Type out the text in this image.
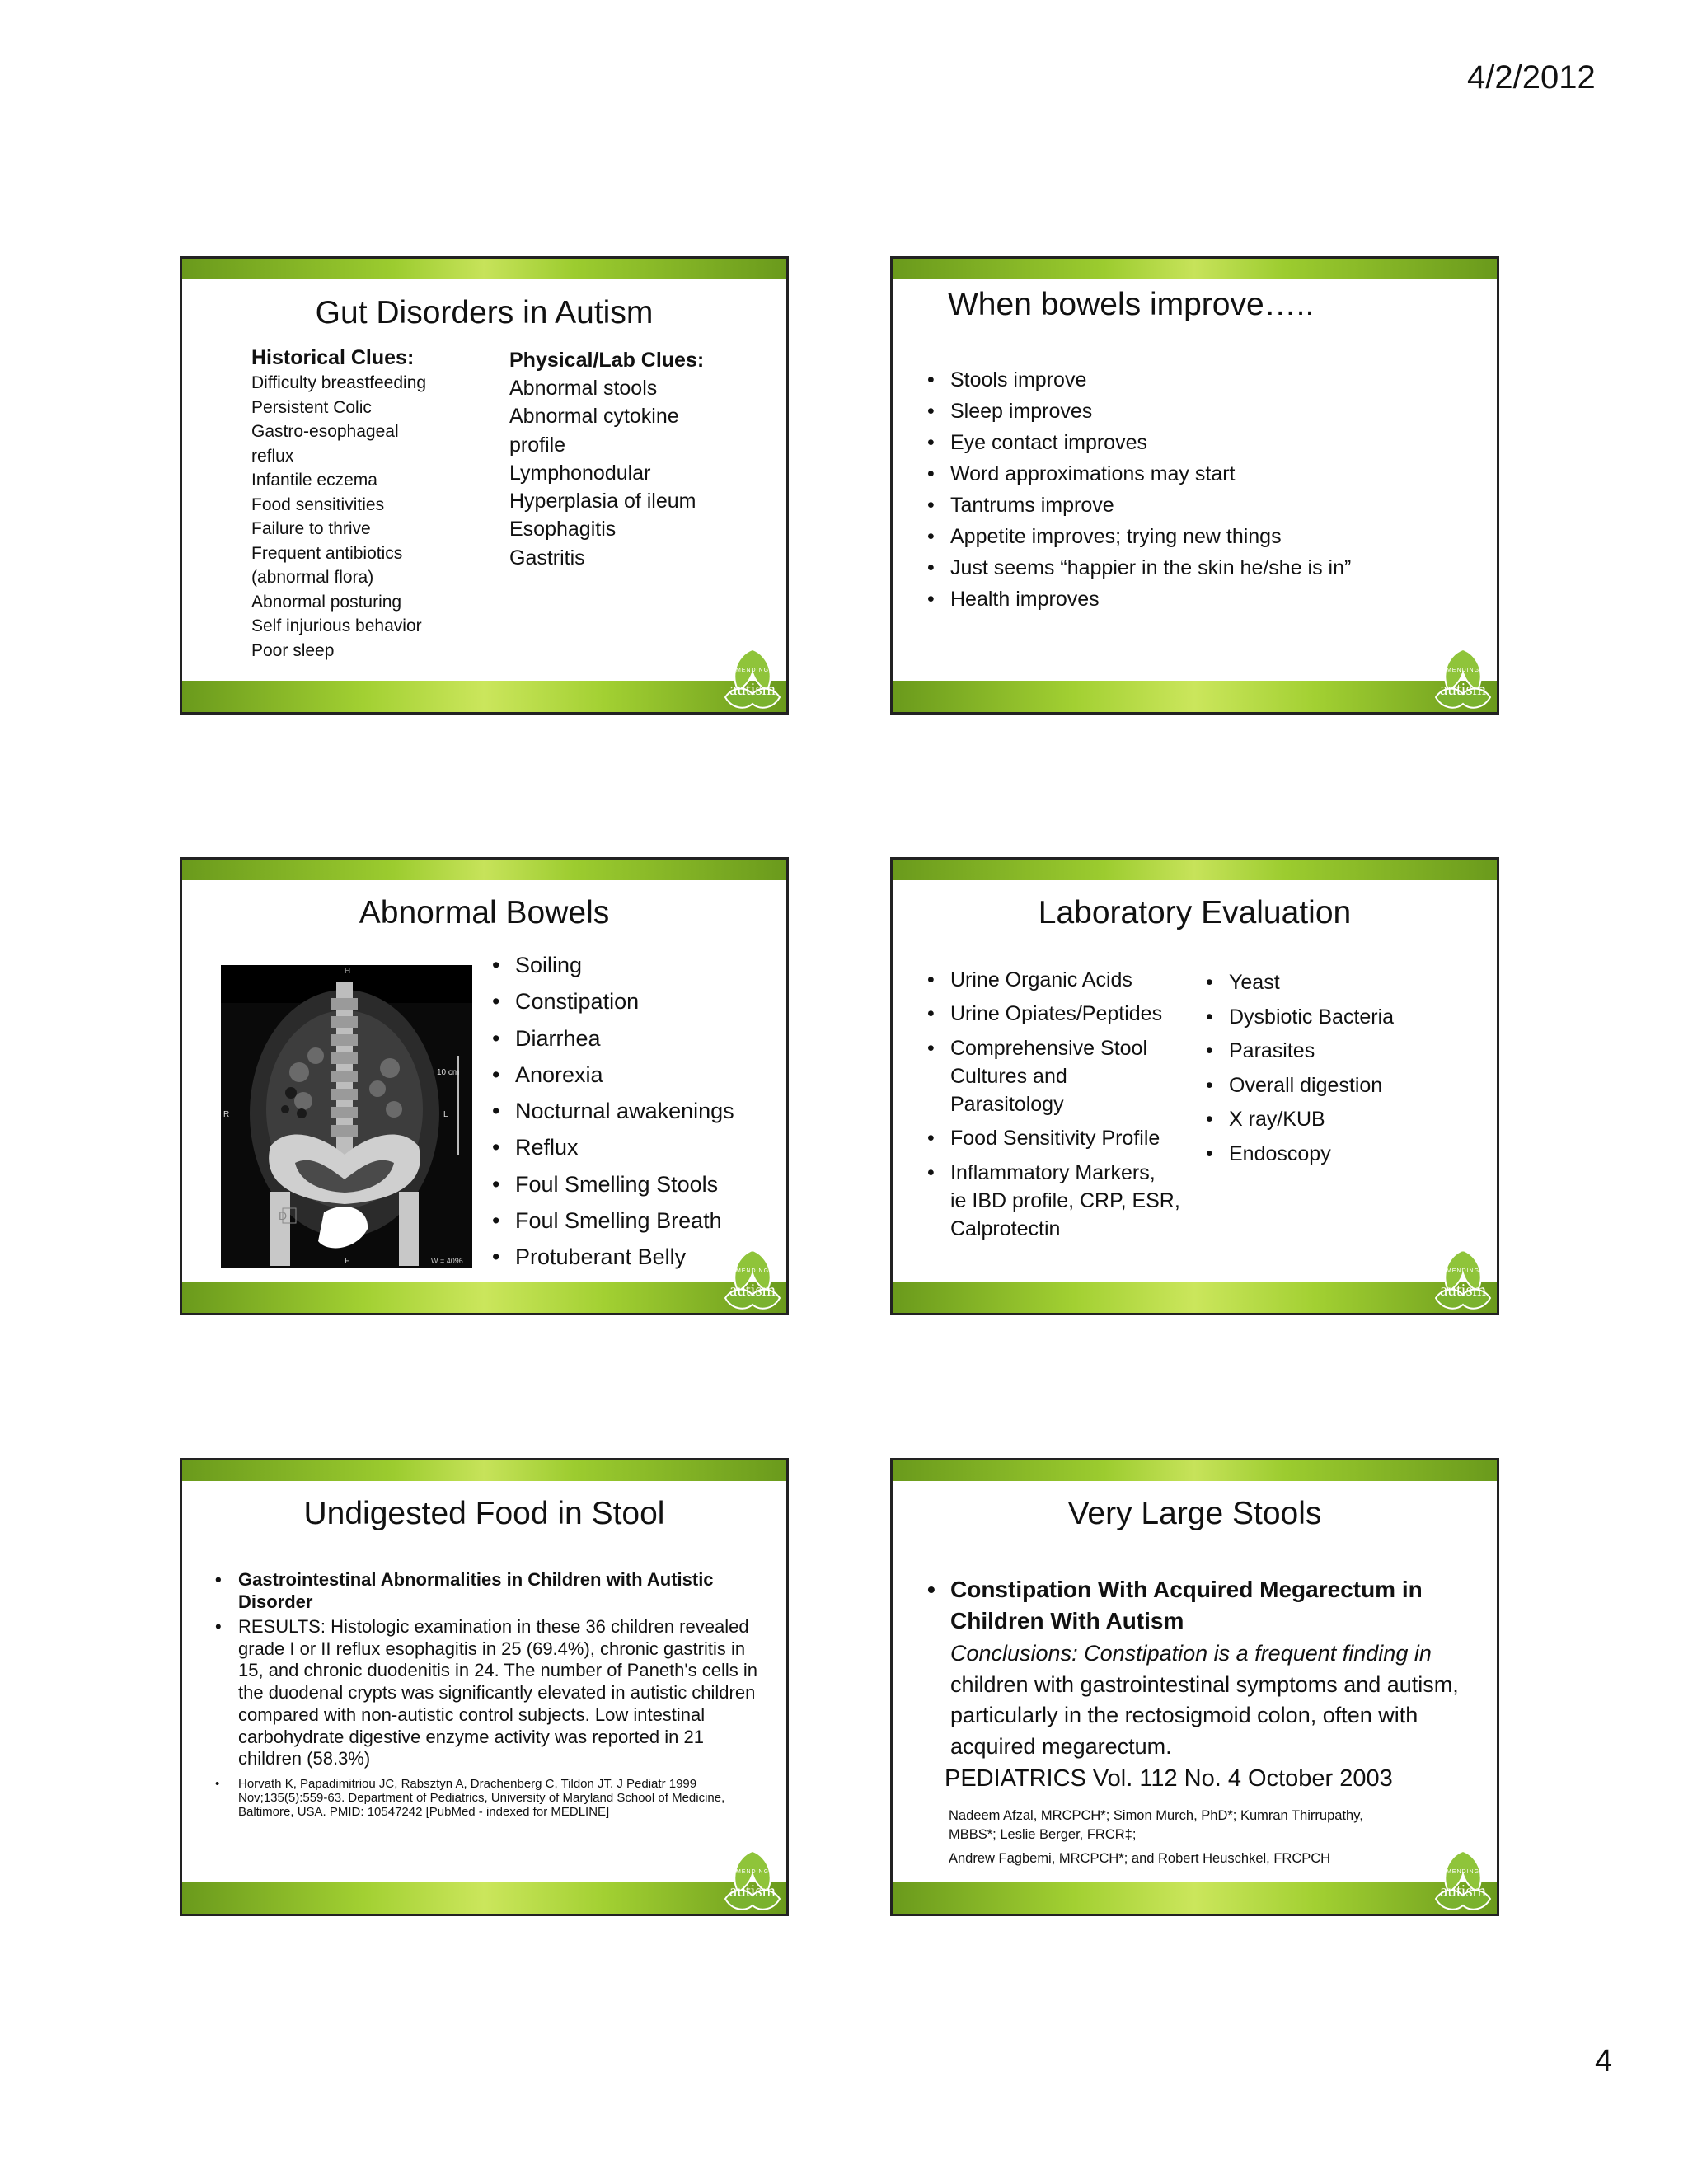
4/2/2012
Gut Disorders in Autism
Historical Clues:
Difficulty breastfeeding
Persistent Colic
Gastro-esophageal
reflux
Infantile eczema
Food sensitivities
Failure to thrive
Frequent antibiotics
(abnormal flora)
Abnormal posturing
Self injurious behavior
Poor sleep
Physical/Lab Clues:
Abnormal stools
Abnormal cytokine
profile
Lymphonodular
Hyperplasia of ileum
Esophagitis
Gastritis
MENDING
autism
When bowels improve…..
• Stools improve
• Sleep improves
• Eye contact improves
• Word approximations may start
• Tantrums improve
• Appetite improves; trying new things
• Just seems “happier in the skin he/she is in”
• Health improves
MENDING
autism
Abnormal Bowels
H
10 cm
R	L
D
F	W = 4096
• Soiling
• Constipation
• Diarrhea
• Anorexia
• Nocturnal awakenings
• Reflux
• Foul Smelling Stools
• Foul Smelling Breath
• Protuberant Belly
MENDING
autism
Laboratory Evaluation
• Urine Organic Acids
• Urine Opiates/Peptides
• Comprehensive Stool
Cultures and
Parasitology
• Food Sensitivity Profile
• Inflammatory Markers,
ie IBD profile, CRP, ESR,
Calprotectin
• Yeast
• Dysbiotic Bacteria
• Parasites
• Overall digestion
• X ray/KUB
• Endoscopy
MENDING
autism
Undigested Food in Stool
• Gastrointestinal Abnormalities in Children with Autistic Disorder
• RESULTS: Histologic examination in these 36 children revealed grade I or II reflux esophagitis in 25 (69.4%), chronic gastritis in 15, and chronic duodenitis in 24. The number of Paneth's cells in the duodenal crypts was significantly elevated in autistic children compared with non-autistic control subjects. Low intestinal carbohydrate digestive enzyme activity was reported in 21 children (58.3%)
• Horvath K, Papadimitriou JC, Rabsztyn A, Drachenberg C, Tildon JT. J Pediatr 1999 Nov;135(5):559-63. Department of Pediatrics, University of Maryland School of Medicine, Baltimore, USA. PMID: 10547242 [PubMed - indexed for MEDLINE]
MENDING
autism
Very Large Stools
• Constipation With Acquired Megarectum in Children With Autism
Conclusions: Constipation is a frequent finding in
children with gastrointestinal symptoms and autism, particularly in the rectosigmoid colon, often with acquired megarectum.
PEDIATRICS Vol. 112 No. 4 October 2003
Nadeem Afzal, MRCPCH*; Simon Murch, PhD*; Kumran Thirrupathy,
MBBS*; Leslie Berger, FRCR‡;
Andrew Fagbemi, MRCPCH*; and Robert Heuschkel, FRCPCH
MENDING
autism
4
